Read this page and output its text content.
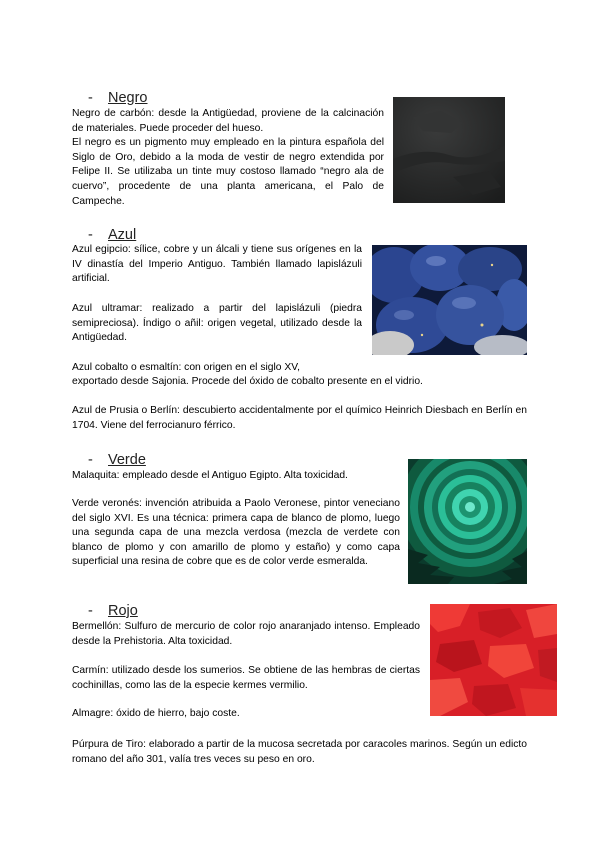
- Negro

Negro de carbón: desde la Antigüedad, proviene de la calcinación de materiales. Puede proceder del hueso.

El negro es un pigmento muy empleado en la pintura española del Siglo de Oro, debido a la moda de vestir de negro extendida por Felipe II. Se utilizaba un tinte muy costoso llamado “negro ala de cuervo”, procedente de una planta americana, el Palo de Campeche.

- Azul
Azul egipcio: sílice, cobre y un álcali y tiene sus orígenes en la IV dinastía del Imperio Antiguo. También llamado lapislázuli artificial.
Azul ultramar: realizado a partir del lapislázuli (piedra semipreciosa). Índigo o añil: origen vegetal, utilizado desde la Antigüedad.
Azul cobalto o esmaltín: con origen en el siglo XV,
exportado desde Sajonia. Procede del óxido de cobalto presente en el vidrio.
Azul de Prusia o Berlín: descubierto accidentalmente por el químico Heinrich Diesbach en Berlín en 1704. Viene del ferrocianuro férrico.
- Verde
Malaquita: empleado desde el Antiguo Egipto. Alta toxicidad.
Verde veronés: invención atribuida a Paolo Veronese, pintor veneciano del siglo XVI. Es una técnica: primera capa de blanco de plomo, luego una segunda capa de una mezcla verdosa (mezcla de verdete con blanco de plomo y con amarillo de plomo y estaño) y como capa superficial una resina de cobre que es de color verde esmeralda.
- Rojo
Bermellón: Sulfuro de mercurio de color rojo anaranjado intenso. Empleado desde la Prehistoria. Alta toxicidad.
Carmín: utilizado desde los sumerios. Se obtiene de las hembras de ciertas cochinillas, como las de la especie kermes vermilio.
Almagre: óxido de hierro, bajo coste.
Púrpura de Tiro: elaborado a partir de la mucosa secretada por caracoles marinos. Según un edicto romano del año 301, valía tres veces su peso en oro.
